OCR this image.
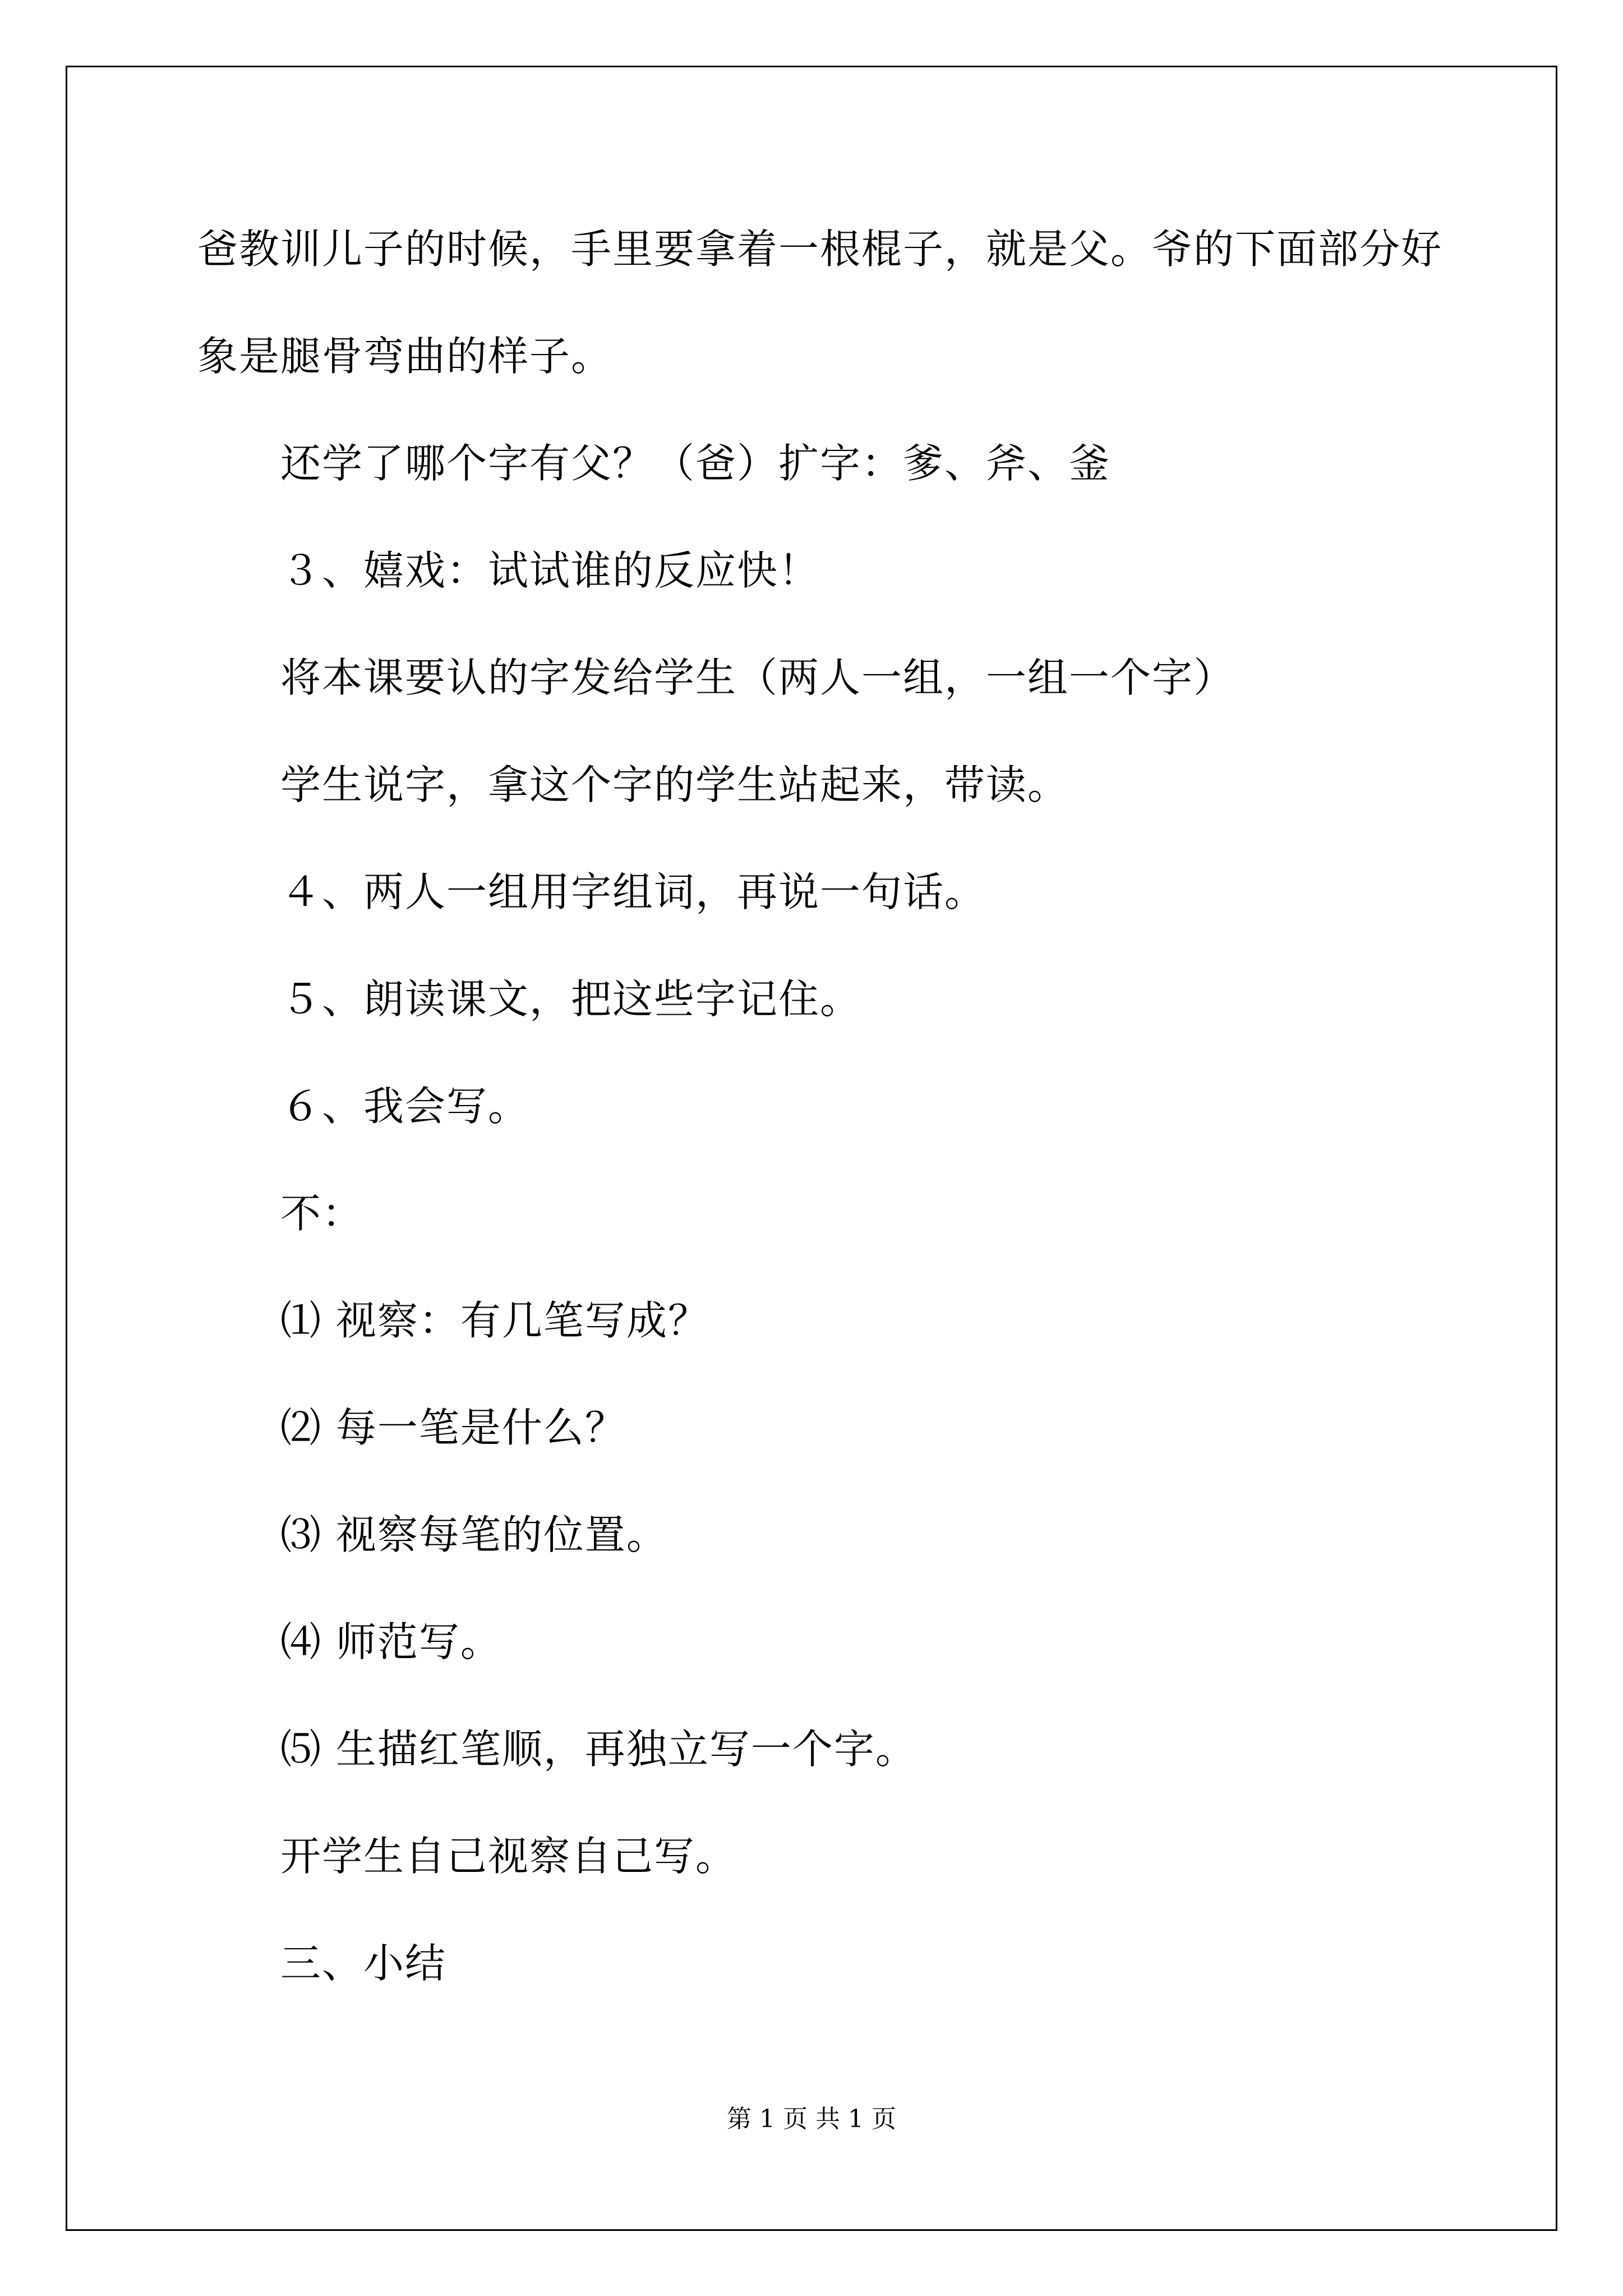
爸教训儿子的时候，手里要拿着一根棍子，就是父。爷的下面部分好
象是腿骨弯曲的样子。
还学了哪个字有父？（爸）扩字：爹、斧、釜
３、嬉戏：试试谁的反应快！
将本课要认的字发给学生（两人一组，一组一个字）
学生说字，拿这个字的学生站起来，带读。
４、两人一组用字组词，再说一句话。
５、朗读课文，把这些字记住。
６、我会写。
不：
⑴ 视察：有几笔写成？
⑵ 每一笔是什么？
⑶ 视察每笔的位置。
⑷ 师范写。
⑸ 生描红笔顺，再独立写一个字。
开学生自己视察自己写。
三、小结
第 1 页 共 1 页
